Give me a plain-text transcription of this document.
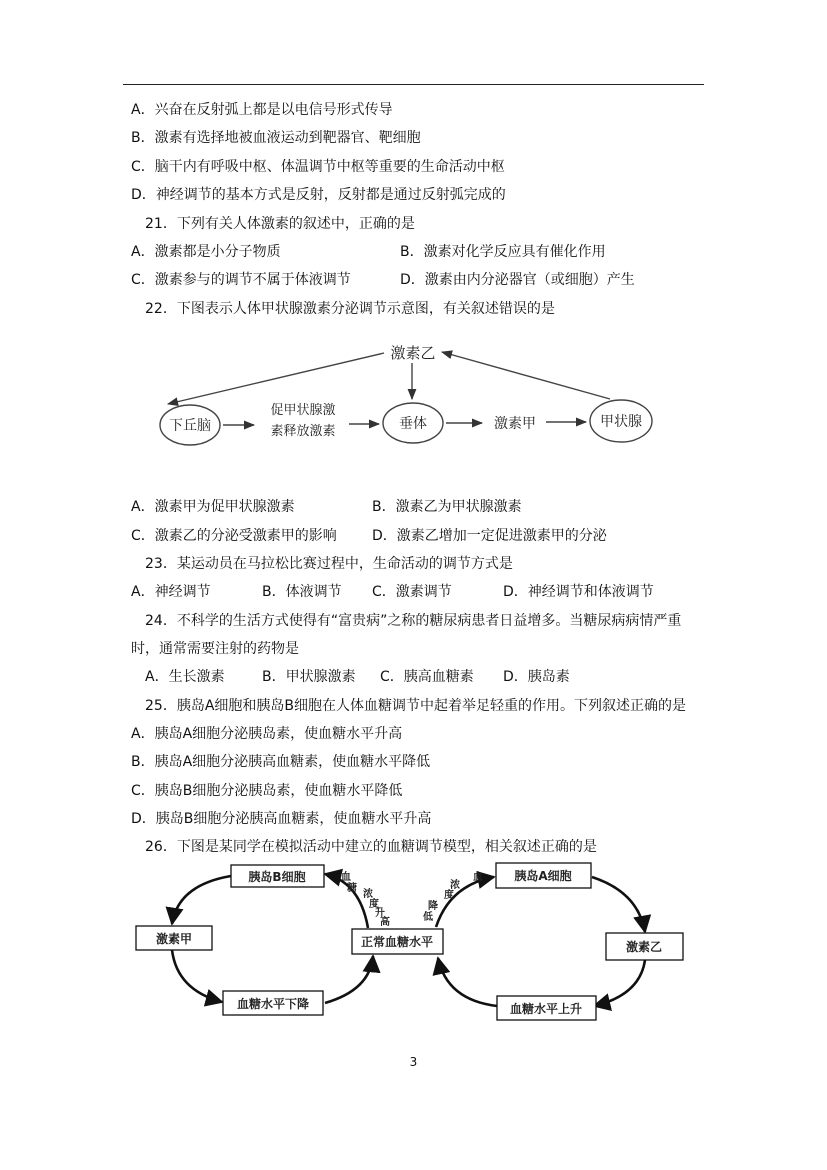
A．兴奋在反射弧上都是以电信号形式传导
B．激素有选择地被血液运动到靶器官、靶细胞
C．脑干内有呼吸中枢、体温调节中枢等重要的生命活动中枢
D．神经调节的基本方式是反射，反射都是通过反射弧完成的
21．下列有关人体激素的叙述中，正确的是
A．激素都是小分子物质	B．激素对化学反应具有催化作用
C．激素参与的调节不属于体液调节	D．激素由内分泌器官（或细胞）产生
22．下图表示人体甲状腺激素分泌调节示意图，有关叙述错误的是
下丘脑
促甲状腺激
素释放激素	垂体	激素甲	甲状腺
激素乙
胰岛B细胞
激素甲
血糖水平下降
正常血糖水平
胰岛A细胞
激素乙
血糖水平上升
血
糖
浓
度
升
高
血
浓
度
降
低
A．激素甲为促甲状腺激素	B．激素乙为甲状腺激素
C．激素乙的分泌受激素甲的影响	D．激素乙增加一定促进激素甲的分泌
23．某运动员在马拉松比赛过程中，生命活动的调节方式是
A．神经调节	B．体液调节 C．激素调节	D．神经调节和体液调节
24．不科学的生活方式使得有“富贵病”之称的糖尿病患者日益增多。当糖尿病病情严重
时，通常需要注射的药物是
A．生长激素	B．甲状腺激素 C．胰高血糖素 D．胰岛素
25．胰岛A细胞和胰岛B细胞在人体血糖调节中起着举足轻重的作用。下列叙述正确的是
A．胰岛A细胞分泌胰岛素，使血糖水平升高
B．胰岛A细胞分泌胰高血糖素，使血糖水平降低
C．胰岛B细胞分泌胰岛素，使血糖水平降低
D．胰岛B细胞分泌胰高血糖素，使血糖水平升高
26．下图是某同学在模拟活动中建立的血糖调节模型，相关叙述正确的是
3
